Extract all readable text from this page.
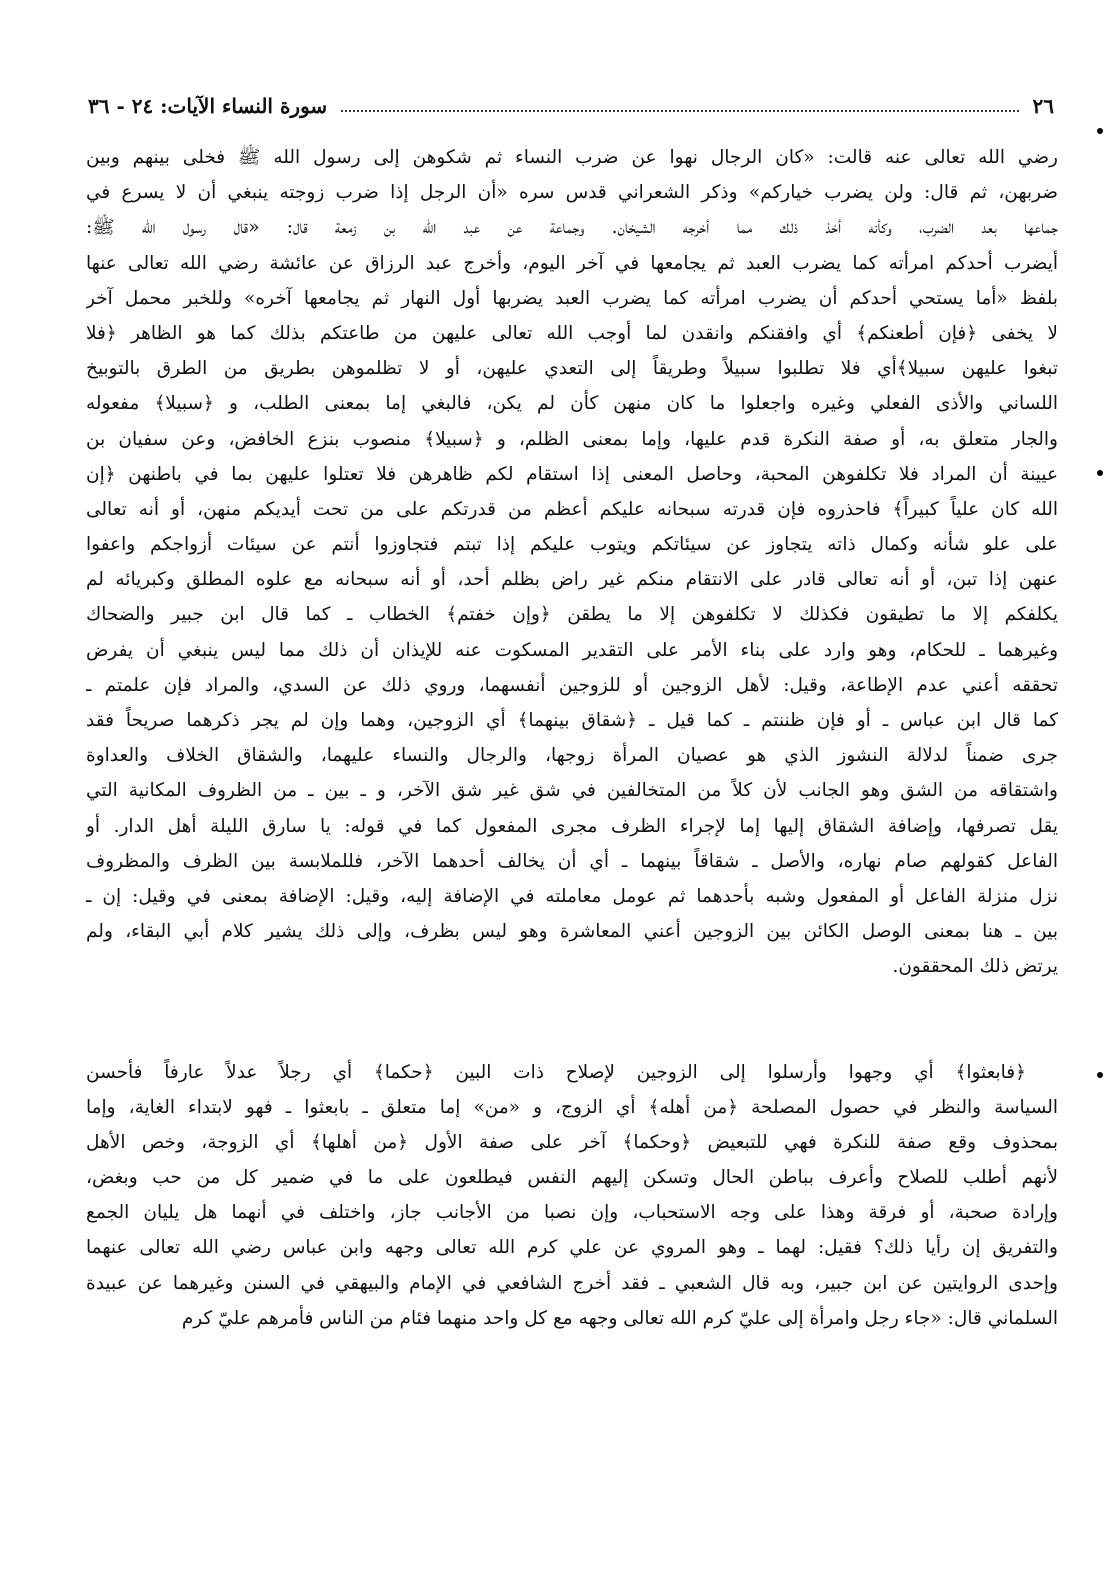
٢٦
سورة النساء الآيات: ٢٤ - ٣٦
رضي الله تعالى عنه قالت: «كان الرجال نهوا عن ضرب النساء ثم شكوهن إلى رسول الله ﷺ فخلى بينهم وبين
ضربهن، ثم قال: ولن يضرب خياركم» وذكر الشعراني قدس سره «أن الرجل إذا ضرب زوجته ينبغي أن لا يسرع في
جماعها بعد الضرب، وكأنه أخذ ذلك مما أخرجه الشيخان. وجماعة عن عبد الله بن زمعة قال: «قال رسول الله ﷺ:
أيضرب أحدكم امرأته كما يضرب العبد ثم يجامعها في آخر اليوم، وأخرج عبد الرزاق عن عائشة رضي الله تعالى عنها
بلفظ «أما يستحي أحدكم أن يضرب امرأته كما يضرب العبد يضربها أول النهار ثم يجامعها آخره» وللخبر محمل آخر
لا يخفى ﴿فإن أطعنكم﴾ أي وافقنكم وانقدن لما أوجب الله تعالى عليهن من طاعتكم بذلك كما هو الظاهر ﴿فلا
تبغوا عليهن سبيلا﴾أي فلا تطلبوا سبيلاً وطريقاً إلى التعدي عليهن، أو لا تظلموهن بطريق من الطرق بالتوبيخ
اللساني والأذى الفعلي وغيره واجعلوا ما كان منهن كأن لم يكن، فالبغي إما بمعنى الطلب، و ﴿سبيلا﴾ مفعوله
والجار متعلق به، أو صفة النكرة قدم عليها، وإما بمعنى الظلم، و ﴿سبيلا﴾ منصوب بنزع الخافض، وعن سفيان بن
عيينة أن المراد فلا تكلفوهن المحبة، وحاصل المعنى إذا استقام لكم ظاهرهن فلا تعتلوا عليهن بما في باطنهن ﴿إن
الله كان علياً كبيراً﴾ فاحذروه فإن قدرته سبحانه عليكم أعظم من قدرتكم على من تحت أيديكم منهن، أو أنه تعالى
على علو شأنه وكمال ذاته يتجاوز عن سيئاتكم ويتوب عليكم إذا تبتم فتجاوزوا أنتم عن سيئات أزواجكم واعفوا
عنهن إذا تبن، أو أنه تعالى قادر على الانتقام منكم غير راض بظلم أحد، أو أنه سبحانه مع علوه المطلق وكبريائه لم
يكلفكم إلا ما تطيقون فكذلك لا تكلفوهن إلا ما يطقن ﴿وإن خفتم﴾ الخطاب ـ كما قال ابن جبير والضحاك
وغيرهما ـ للحكام، وهو وارد على بناء الأمر على التقدير المسكوت عنه للإيذان أن ذلك مما ليس ينبغي أن يفرض
تحققه أعني عدم الإطاعة، وقيل: لأهل الزوجين أو للزوجين أنفسهما، وروي ذلك عن السدي، والمراد فإن علمتم ـ
كما قال ابن عباس ـ أو فإن ظننتم ـ كما قيل ـ ﴿شقاق بينهما﴾ أي الزوجين، وهما وإن لم يجر ذكرهما صريحاً فقد
جرى ضمناً لدلالة النشوز الذي هو عصيان المرأة زوجها، والرجال والنساء عليهما، والشقاق الخلاف والعداوة
واشتقاقه من الشق وهو الجانب لأن كلاً من المتخالفين في شق غير شق الآخر، و ـ بين ـ من الظروف المكانية التي
يقل تصرفها، وإضافة الشقاق إليها إما لإجراء الظرف مجرى المفعول كما في قوله: يا سارق الليلة أهل الدار. أو
الفاعل كقولهم صام نهاره، والأصل ـ شقاقاً بينهما ـ أي أن يخالف أحدهما الآخر، فللملابسة بين الظرف والمظروف
نزل منزلة الفاعل أو المفعول وشبه بأحدهما ثم عومل معاملته في الإضافة إليه، وقيل: الإضافة بمعنى في وقيل: إن ـ
بين ـ هنا بمعنى الوصل الكائن بين الزوجين أعني المعاشرة وهو ليس بظرف، وإلى ذلك يشير كلام أبي البقاء، ولم
يرتض ذلك المحققون.
﴿فابعثوا﴾ أي وجهوا وأرسلوا إلى الزوجين لإصلاح ذات البين ﴿حكما﴾ أي رجلاً عدلاً عارفاً فأحسن
السياسة والنظر في حصول المصلحة ﴿من أهله﴾ أي الزوج، و «من» إما متعلق ـ بابعثوا ـ فهو لابتداء الغاية، وإما
بمحذوف وقع صفة للنكرة فهي للتبعيض ﴿وحكما﴾ آخر على صفة الأول ﴿من أهلها﴾ أي الزوجة، وخص الأهل
لأنهم أطلب للصلاح وأعرف بباطن الحال وتسكن إليهم النفس فيطلعون على ما في ضمير كل من حب وبغض،
وإرادة صحبة، أو فرقة وهذا على وجه الاستحباب، وإن نصبا من الأجانب جاز، واختلف في أنهما هل يليان الجمع
والتفريق إن رأيا ذلك؟ فقيل: لهما ـ وهو المروي عن علي كرم الله تعالى وجهه وابن عباس رضي الله تعالى عنهما
وإحدى الروايتين عن ابن جبير، وبه قال الشعبي ـ فقد أخرج الشافعي في الإمام والبيهقي في السنن وغيرهما عن عبيدة
السلماني قال: «جاء رجل وامرأة إلى عليّ كرم الله تعالى وجهه مع كل واحد منهما فئام من الناس فأمرهم عليّ كرم
